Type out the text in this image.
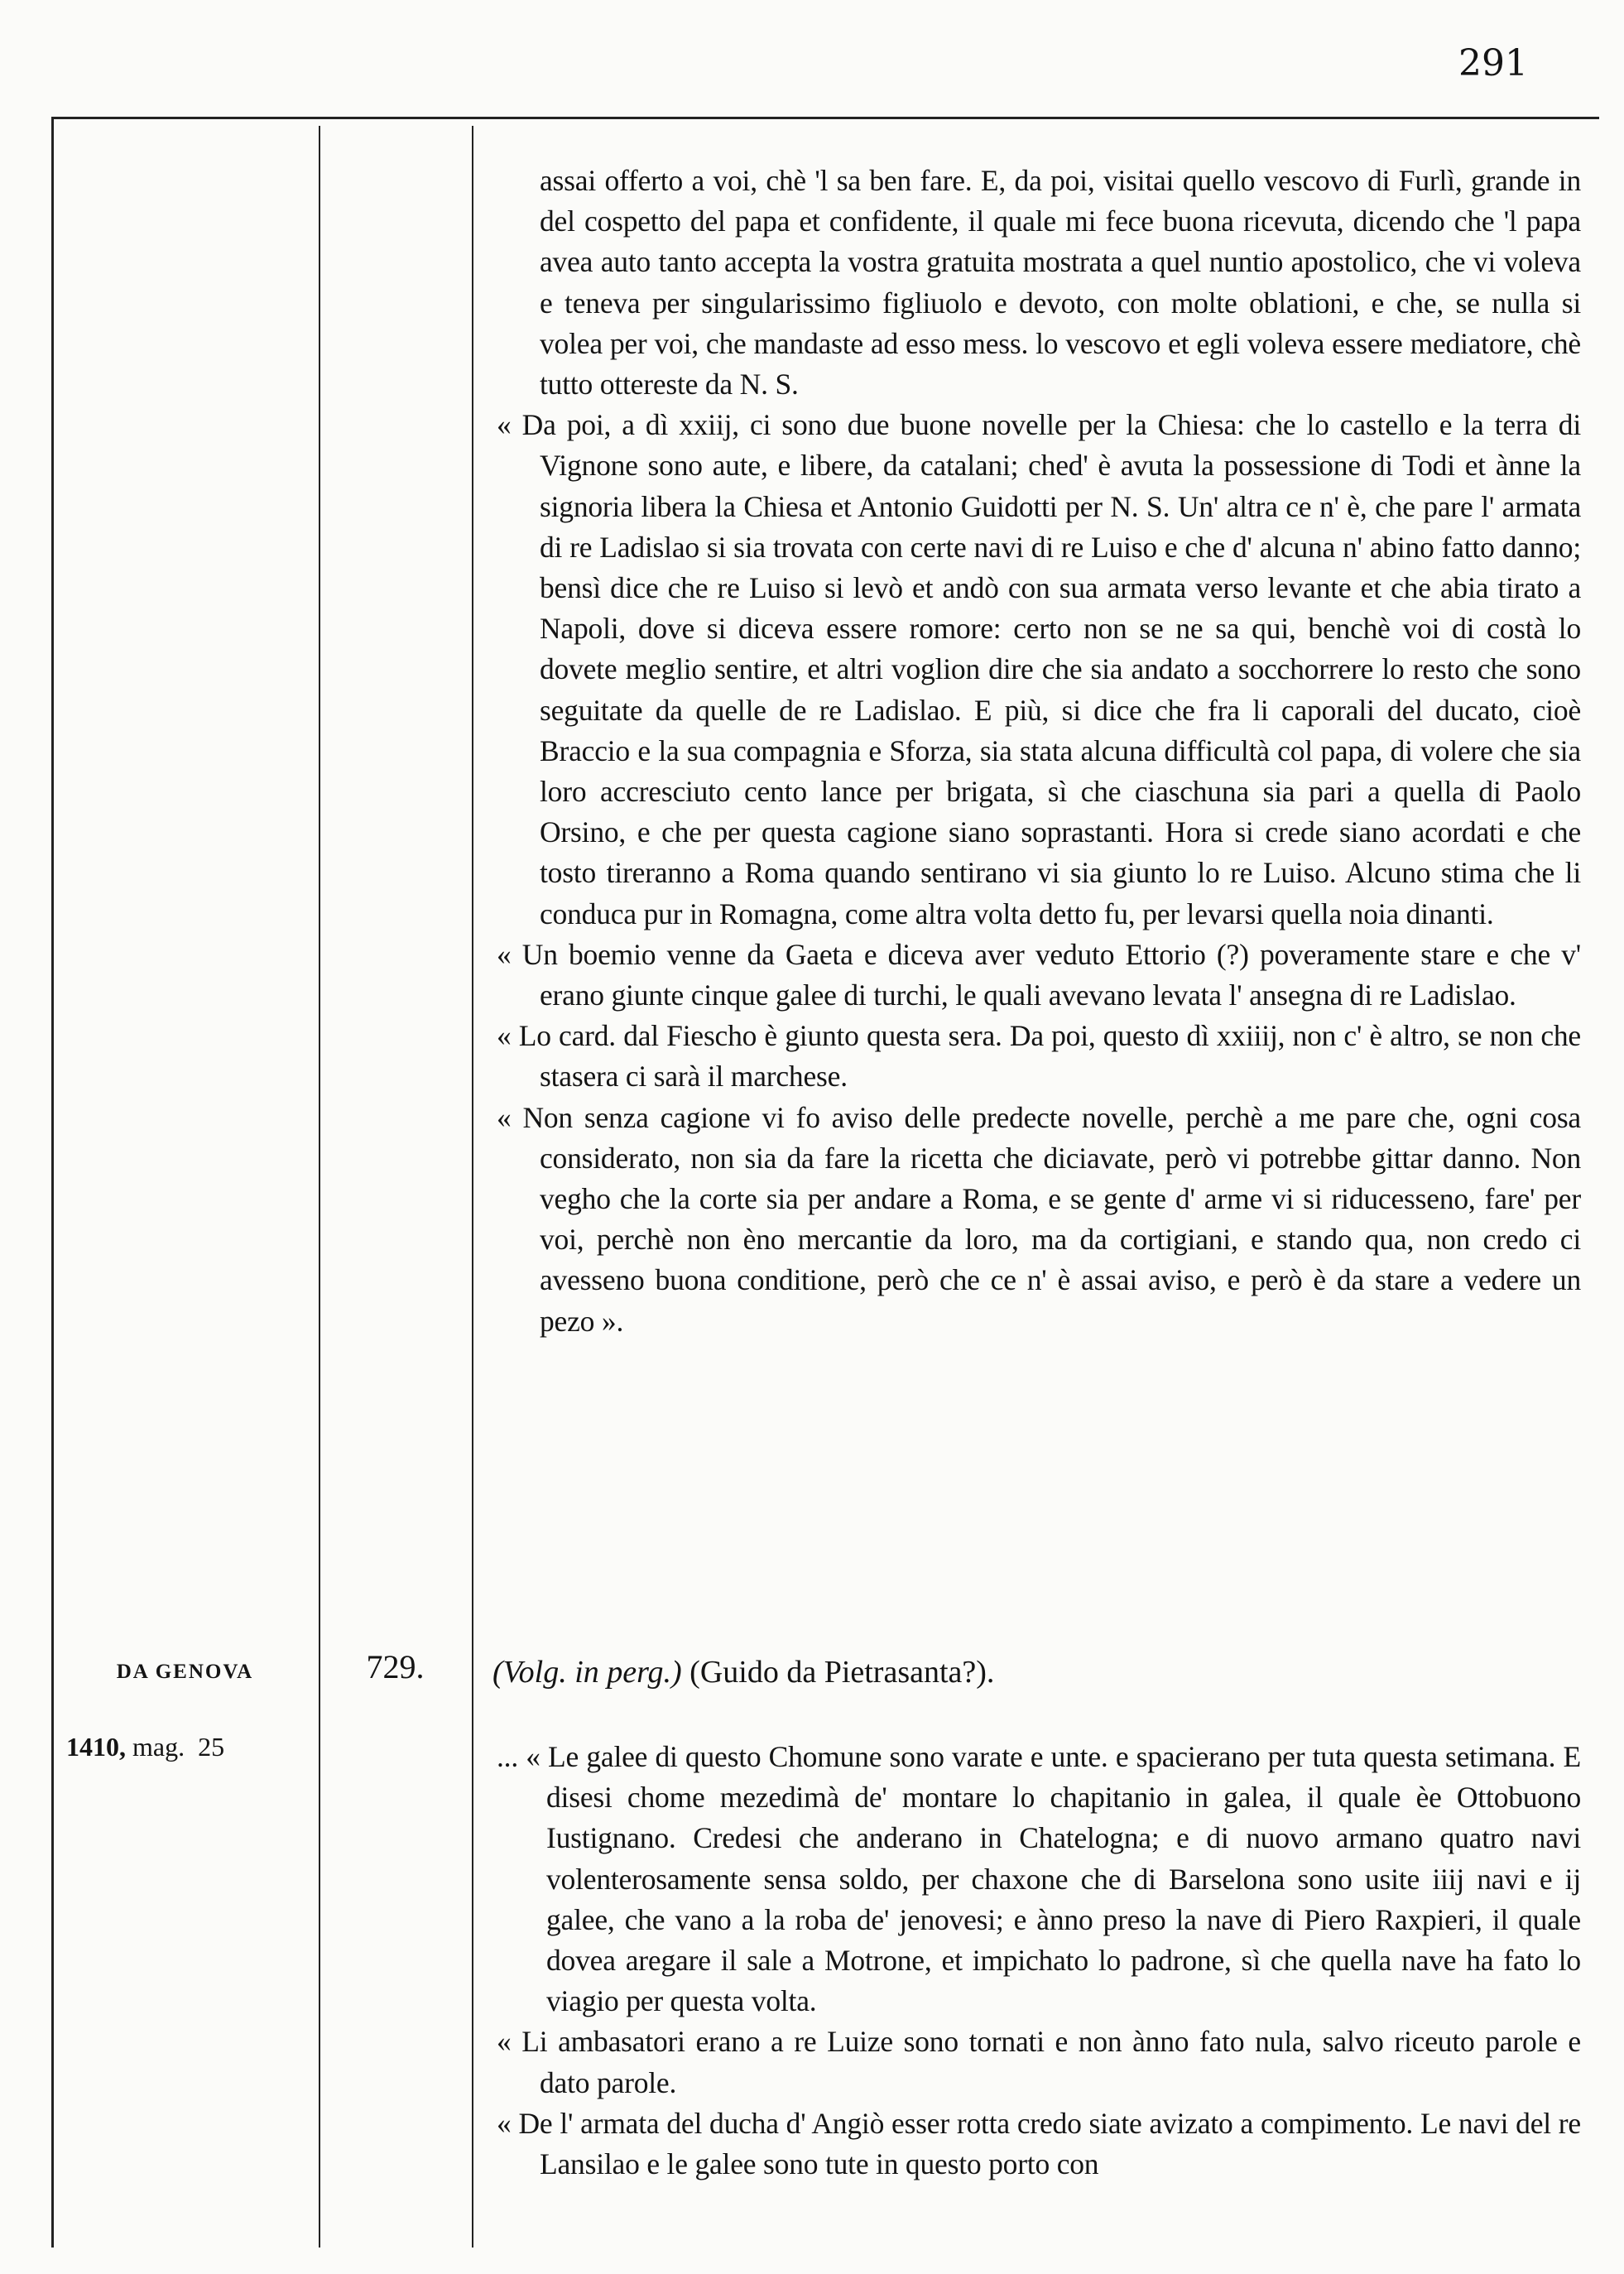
291

assai offerto a voi, chè 'l sa ben fare. E, da poi, visitai quello vescovo di Furlì, grande in del cospetto del papa et confidente, il quale mi fece buona ricevuta, dicendo che 'l papa avea auto tanto accepta la vostra gratuita mostrata a quel nuntio apostolico, che vi voleva e teneva per singularissimo figliuolo e devoto, con molte oblationi, e che, se nulla si volea per voi, che mandaste ad esso mess. lo vescovo et egli voleva essere mediatore, chè tutto ottereste da N. S.

« Da poi, a dì xxiij, ci sono due buone novelle per la Chiesa: che lo castello e la terra di Vignone sono aute, e libere, da catalani; ched' è avuta la possessione di Todi et ànne la signoria libera la Chiesa et Antonio Guidotti per N. S. Un' altra ce n' è, che pare l' armata di re Ladislao si sia trovata con certe navi di re Luiso e che d' alcuna n' abino fatto danno; bensì dice che re Luiso si levò et andò con sua armata verso levante et che abia tirato a Napoli, dove si diceva essere romore: certo non se ne sa qui, benchè voi di costà lo dovete meglio sentire, et altri voglion dire che sia andato a socchorrere lo resto che sono seguitate da quelle de re Ladislao. E più, si dice che fra li caporali del ducato, cioè Braccio e la sua compagnia e Sforza, sia stata alcuna difficultà col papa, di volere che sia loro accresciuto cento lance per brigata, sì che ciaschuna sia pari a quella di Paolo Orsino, e che per questa cagione siano soprastanti. Hora si crede siano acordati e che tosto tireranno a Roma quando sentirano vi sia giunto lo re Luiso. Alcuno stima che li conduca pur in Romagna, come altra volta detto fu, per levarsi quella noia dinanti.

« Un boemio venne da Gaeta e diceva aver veduto Ettorio (?) poveramente stare e che v' erano giunte cinque galee di turchi, le quali avevano levata l' ansegna di re Ladislao.

« Lo card. dal Fiescho è giunto questa sera. Da poi, questo dì xxiiij, non c' è altro, se non che stasera ci sarà il marchese.

« Non senza cagione vi fo aviso delle predecte novelle, perchè a me pare che, ogni cosa considerato, non sia da fare la ricetta che diciavate, però vi potrebbe gittar danno. Non vegho che la corte sia per andare a Roma, e se gente d' arme vi si riducesseno, fare' per voi, perchè non èno mercantie da loro, ma da cortigiani, e stando qua, non credo ci avesseno buona conditione, però che ce n' è assai aviso, e però è da stare a vedere un pezo ».

DA GENOVA
1410, mag.  25
729.	(Volg. in perg.) (Guido da Pietrasanta?).

... « Le galee di questo Chomune sono varate e unte. e spacierano per tuta questa setimana. E disesi chome mezedimà de' montare lo chapitanio in galea, il quale èe Ottobuono Iustignano. Credesi che anderano in Chatelogna; e di nuovo armano quatro navi volenterosamente sensa soldo, per chaxone che di Barselona sono usite iiij navi e ij galee, che vano a la roba de' jenovesi; e ànno preso la nave di Piero Raxpieri, il quale dovea aregare il sale a Motrone, et impichato lo padrone, sì che quella nave ha fato lo viagio per questa volta.

« Li ambasatori erano a re Luize sono tornati e non ànno fato nula, salvo riceuto parole e dato parole.

« De l' armata del ducha d' Angiò esser rotta credo siate avizato a compimento. Le navi del re Lansilao e le galee sono tute in questo porto con
